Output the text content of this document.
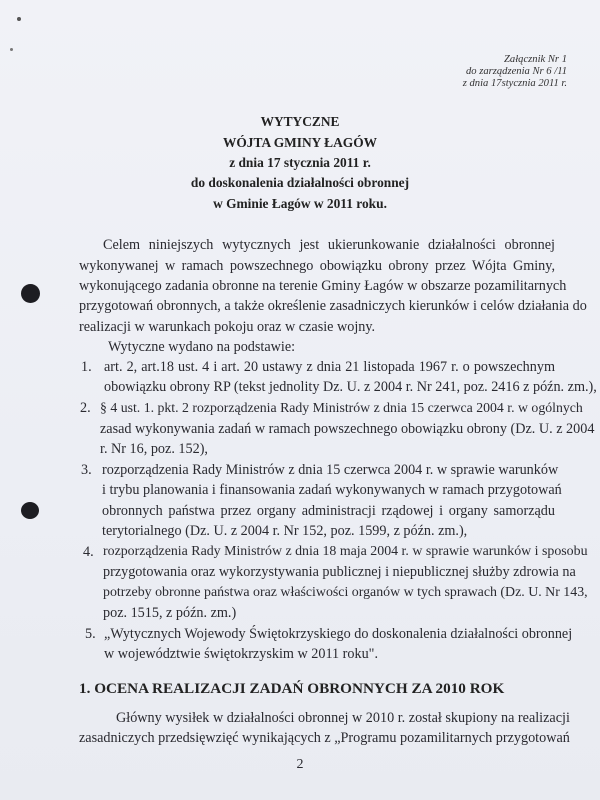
Załącznik Nr 1
do zarządzenia Nr 6 /11
z dnia 17stycznia 2011 r.
WYTYCZNE
WÓJTA GMINY ŁAGÓW
z dnia 17 stycznia 2011 r.
do doskonalenia działalności obronnej
w Gminie Łagów w 2011 roku.
Celem niniejszych wytycznych jest ukierunkowanie działalności obronnej
wykonywanej w ramach powszechnego obowiązku obrony przez Wójta Gminy,
wykonującego zadania obronne na terenie Gminy Łagów w obszarze pozamilitarnych
przygotowań obronnych, a także określenie zasadniczych kierunków i celów działania do
realizacji w warunkach pokoju oraz w czasie wojny.
Wytyczne wydano na podstawie:
1. art. 2, art.18 ust. 4 i art. 20 ustawy z dnia 21 listopada 1967 r. o powszechnym
obowiązku obrony RP (tekst jednolity Dz. U. z 2004 r. Nr 241, poz. 2416 z późn. zm.),
2. § 4 ust. 1. pkt. 2 rozporządzenia Rady Ministrów z dnia 15 czerwca 2004 r. w ogólnych
zasad wykonywania zadań w ramach powszechnego obowiązku obrony (Dz. U. z 2004
r. Nr 16, poz. 152),
3. rozporządzenia Rady Ministrów z dnia 15 czerwca 2004 r. w sprawie warunków
i trybu planowania i finansowania zadań wykonywanych w ramach przygotowań
obronnych państwa przez organy administracji rządowej i organy samorządu
terytorialnego (Dz. U. z 2004 r. Nr 152, poz. 1599, z późn. zm.),
4. rozporządzenia Rady Ministrów z dnia 18 maja 2004 r. w sprawie warunków i sposobu
przygotowania oraz wykorzystywania publicznej i niepublicznej służby zdrowia na
potrzeby obronne państwa oraz właściwości organów w tych sprawach (Dz. U. Nr 143,
poz. 1515, z późn. zm.)
5. „Wytycznych Wojewody Świętokrzyskiego do doskonalenia działalności obronnej
w województwie świętokrzyskim w 2011 roku".
1. OCENA REALIZACJI ZADAŃ OBRONNYCH ZA 2010 ROK
Główny wysiłek w działalności obronnej w 2010 r. został skupiony na realizacji
zasadniczych przedsięwzięć wynikających z „Programu pozamilitarnych przygotowań
2
